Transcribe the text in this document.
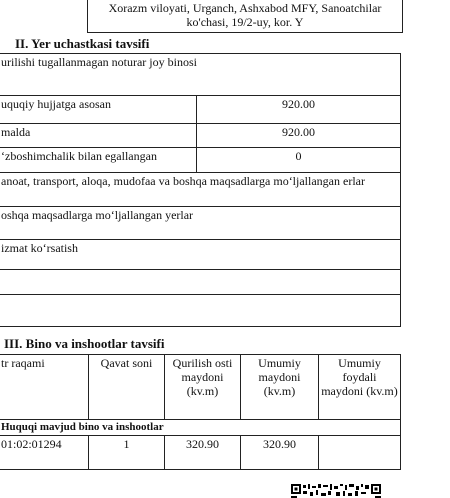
Xorazm viloyati, Urganch, Ashxabod MFY, Sanoatchilar ko'chasi, 19/2-uy, kor. Y
II. Yer uchastkasi tavsifi
urilishi tugallanmagan noturar joy binosi	
uquqiy hujjatga asosan	920.00
malda	920.00
‘zboshimchalik bilan egallangan	0
anoat, transport, aloqa, mudofaa va boshqa maqsadlarga mo‘ljallangan erlar	
oshqa maqsadlarga mo‘ljallangan yerlar	
izmat ko‘rsatish	

III. Bino va inshootlar tavsifi
tr raqami	Qavat soni	Qurilish osti maydoni (kv.m)	Umumiy maydoni (kv.m)	Umumiy foydali maydoni (kv.m)
Huquqi mavjud bino va inshootlar				
01:02:01294	1	320.90	320.90	
